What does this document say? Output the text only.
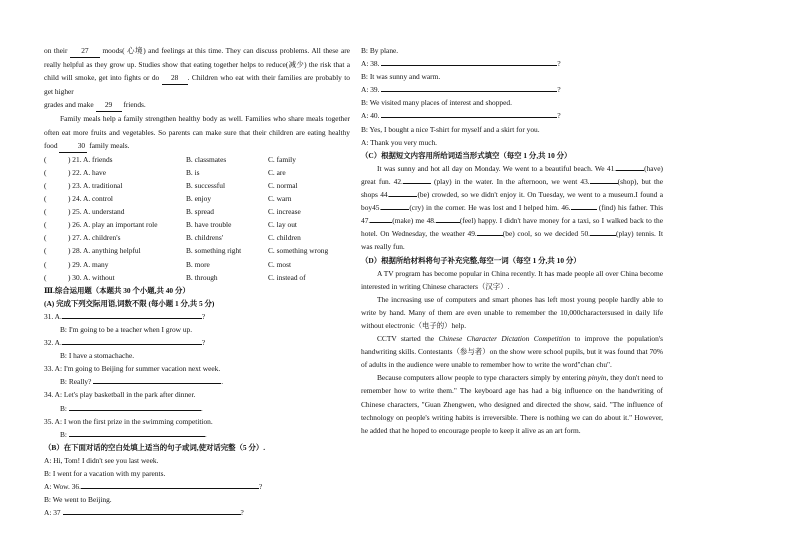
on their 27 moods( 心境) and feelings at this time. They can discuss problems. All these are really helpful as they grow up. Studies show that eating together helps to reduce(减少) the risk that a child will smoke, get into fights or do 28 . Children who eat with their families are probably to get higher
grades and make 29 friends.

Family meals help a family strengthen healthy body as well. Families who share meals together often eat more fruits and vegetables. So parents can make sure that their children are eating healthy food	30 family meals.

(	) 21. A. friends	B. classmates	C. family
(	) 22. A. have	B. is	C. are
(	) 23. A. traditional	B. successful	C. normal
(	) 24. A. control	B. enjoy	C. warn
(	) 25. A. understand	B. spread	C. increase
(	) 26. A. play an important role	B. have trouble	C. lay out
(	) 27. A. children's	B. childrens'	C. children
(	) 28. A. anything helpful	B. something right	C. something wrong
(	) 29. A. many	B. more	C. most
(	) 30. A. without	B. through	C. instead of
Ⅲ.综合运用题（本题共 30 个小题,共 40 分）
(A) 完成下列交际用语,词数不限 (每小题 1 分,共 5 分)
31. A.	?
B: I'm going to be a teacher when I grow up.
32. A.	?
B: I have a stomachache.
33. A: I'm going to Beijing for summer vacation next week.
B: Really?	.
34. A: Let's play basketball in the park after dinner.
B:	.
35. A: I won the first prize in the swimming competition.
B:	.
（B）在下面对话的空白处填上适当的句子或词,使对话完整（5 分）.
A: Hi, Tom! I didn't see you last week.
B: I went for a vacation with my parents.
A: Wow. 36.	?
B: We went to Beijing.
A: 37	?
B: By plane.
A: 38.	?
B: It was sunny and warm.
A: 39.	?
B: We visited many places of interest and shopped.
A: 40.	?
B: Yes, I bought a nice T-shirt for myself and a skirt for you.
A: Thank you very much.
（C）根据短文内容用所给词适当形式填空（每空 1 分,共 10 分）

It was sunny and hot all day on Monday. We went to a beautiful beach. We 41.	(have) great fun. 42.	(play) in the water. In the afternoon, we went 43.	(shop), but the shops 44.	(be) crowded, so we didn't enjoy it. On Tuesday, we went to a museum.I found a boy45.	(cry) in the corner. He was lost and I helped him. 46.	(find) his father. This 47.	(make) me 48.	(feel) happy. I didn't have money for a taxi, so I walked back to the hotel. On Wednesday, the weather 49.	(be) cool, so we decided 50.	(play) tennis. It was really fun.

（D）根据所给材料将句子补充完整,每空一词（每空 1 分,共 10 分）

A TV program has become popular in China recently. It has made people all over China become interested in writing Chinese characters（汉字）.

The increasing use of computers and smart phones has left most young people hardly able to write by hand. Many of them are even unable to remember the 10,000charactersused in daily life without electronic（电子的）help.

CCTV started the Chinese Character Dictation Competition to improve the population's handwriting skills. Contestants（参与者）on the show were school pupils, but it was found that 70% of adults in the audience were unable to remember how to write the word"chan chu".

Because computers allow people to type characters simply by entering pinyin, they don't need to remember how to write them." The keyboard age has had a big influence on the handwriting of Chinese characters, "Guan Zhengwen, who designed and directed the show, said. "The influence of technology on people's writing habits is irreversible. There is nothing we can do about it." However, he added that he hoped to encourage people to keep it alive as an art form.
